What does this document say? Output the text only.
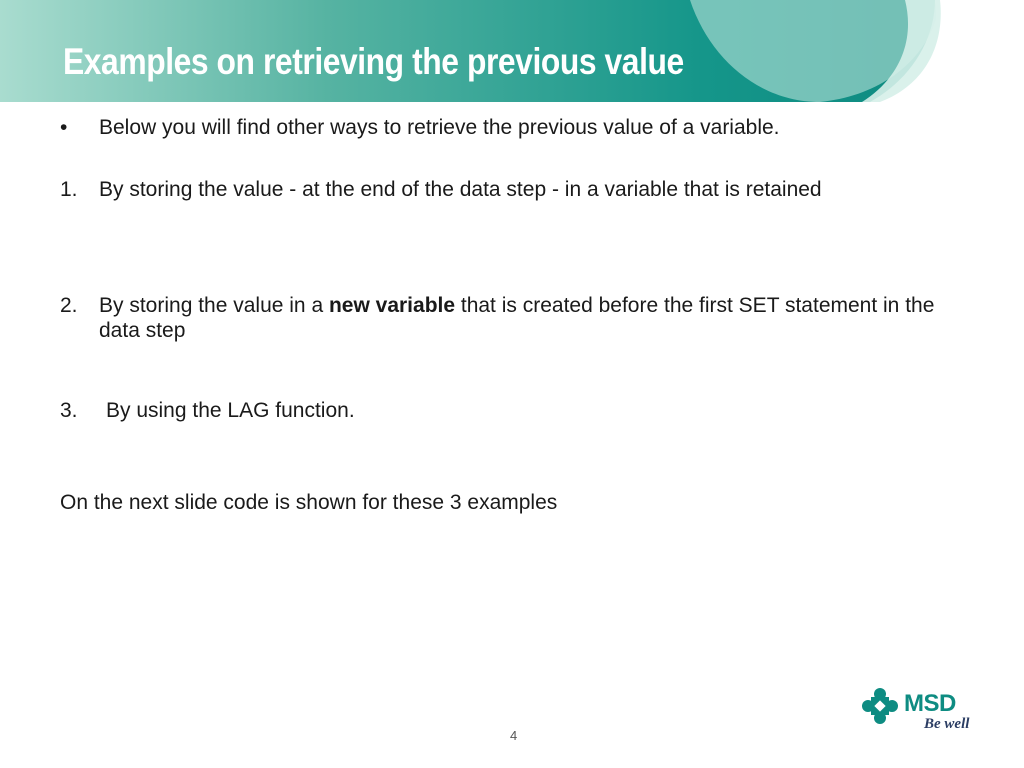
Examples on retrieving the previous value
•	Below you will find other ways to retrieve the previous value of a variable.
1.	By storing the value - at the end of the data step - in a variable that is retained
2.	By storing the value in a new variable that is created before the first SET statement in the data step
3.	By using the LAG function.
On the next slide code is shown for these 3 examples
4
MSD
Be well
